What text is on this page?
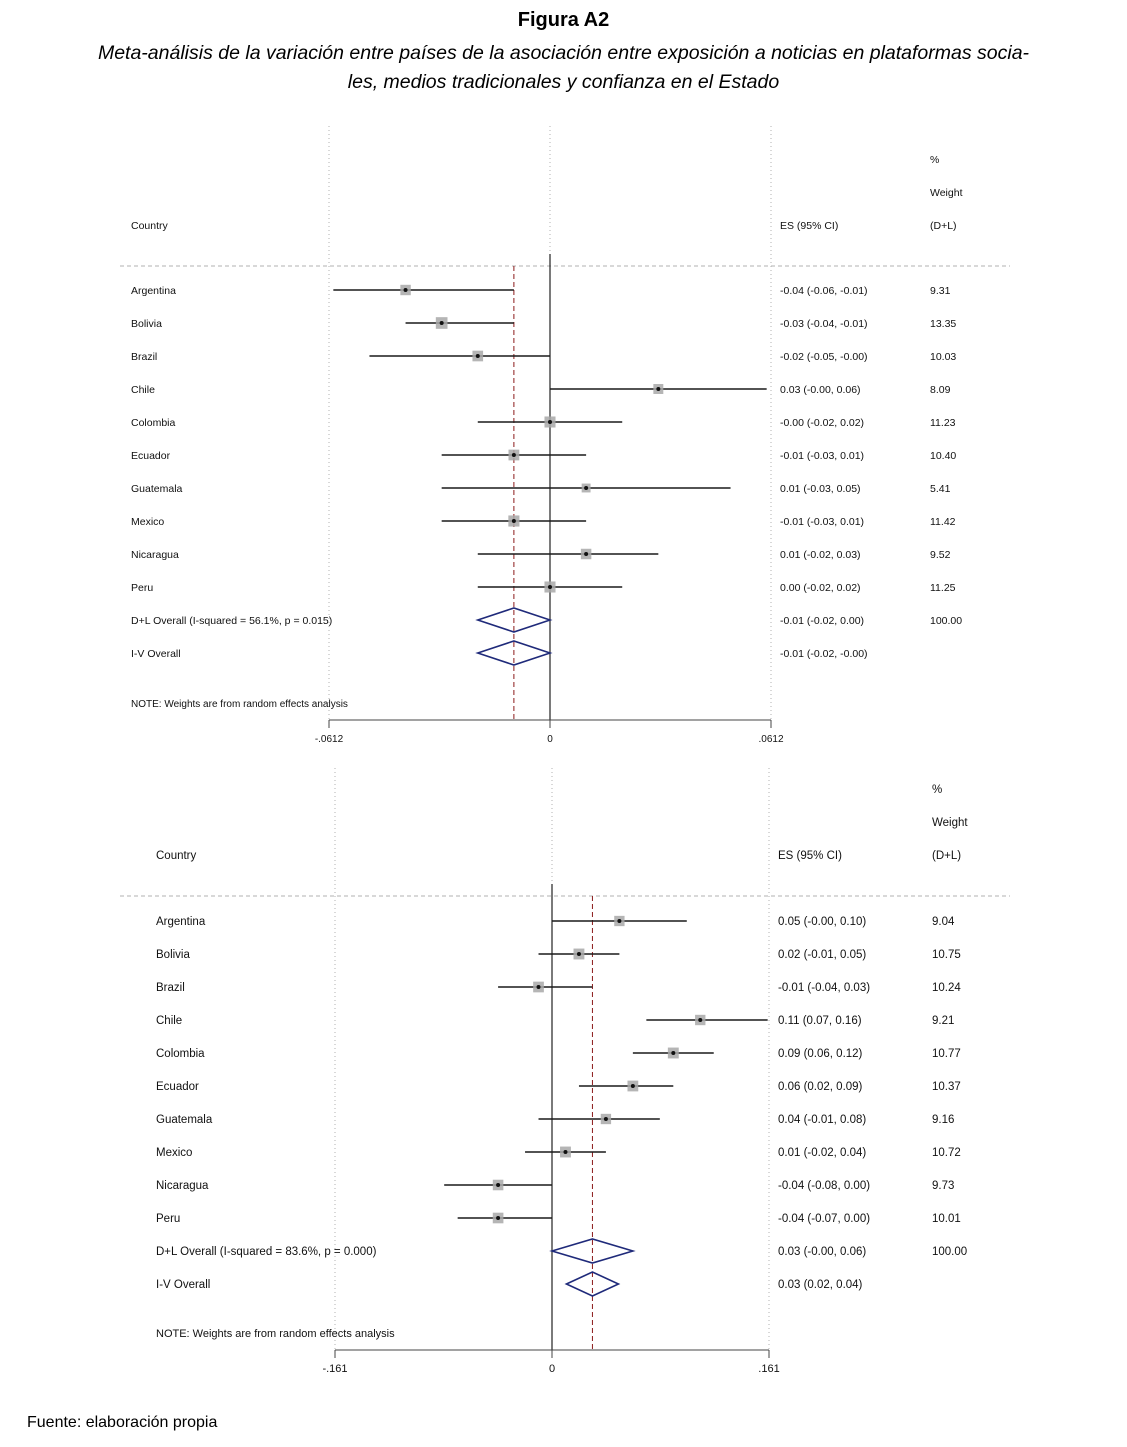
Figura A2

Meta-análisis de la variación entre países de la asociación entre exposición a noticias en plataformas socia-
les, medios tradicionales y confianza en el Estado

Country	ES (95% CI)
%
Weight
(D+L)
Argentina	-0.04 (-0.06, -0.01)	9.31
Bolivia	-0.03 (-0.04, -0.01)	13.35
Brazil	-0.02 (-0.05, -0.00)	10.03
Chile	0.03 (-0.00, 0.06)	8.09
Colombia	-0.00 (-0.02, 0.02)	11.23
Ecuador	-0.01 (-0.03, 0.01)	10.40
Guatemala	0.01 (-0.03, 0.05)	5.41
Mexico	-0.01 (-0.03, 0.01)	11.42
Nicaragua	0.01 (-0.02, 0.03)	9.52
Peru	0.00 (-0.02, 0.02)	11.25
D+L Overall (I-squared = 56.1%, p = 0.015)	-0.01 (-0.02, 0.00)	100.00
I-V Overall	-0.01 (-0.02, -0.00)
NOTE: Weights are from random effects analysis
-.0612	0	.0612
Country	ES (95% CI)
%
Weight
(D+L)
Argentina	0.05 (-0.00, 0.10)	9.04
Bolivia	0.02 (-0.01, 0.05)	10.75
Brazil	-0.01 (-0.04, 0.03)	10.24
Chile	0.11 (0.07, 0.16)	9.21
Colombia	0.09 (0.06, 0.12)	10.77
Ecuador	0.06 (0.02, 0.09)	10.37
Guatemala	0.04 (-0.01, 0.08)	9.16
Mexico	0.01 (-0.02, 0.04)	10.72
Nicaragua	-0.04 (-0.08, 0.00)	9.73
Peru	-0.04 (-0.07, 0.00)	10.01
D+L Overall (I-squared = 83.6%, p = 0.000)	0.03 (-0.00, 0.06)	100.00
I-V Overall	0.03 (0.02, 0.04)
NOTE: Weights are from random effects analysis
-.161	0	.161
Fuente: elaboración propia
